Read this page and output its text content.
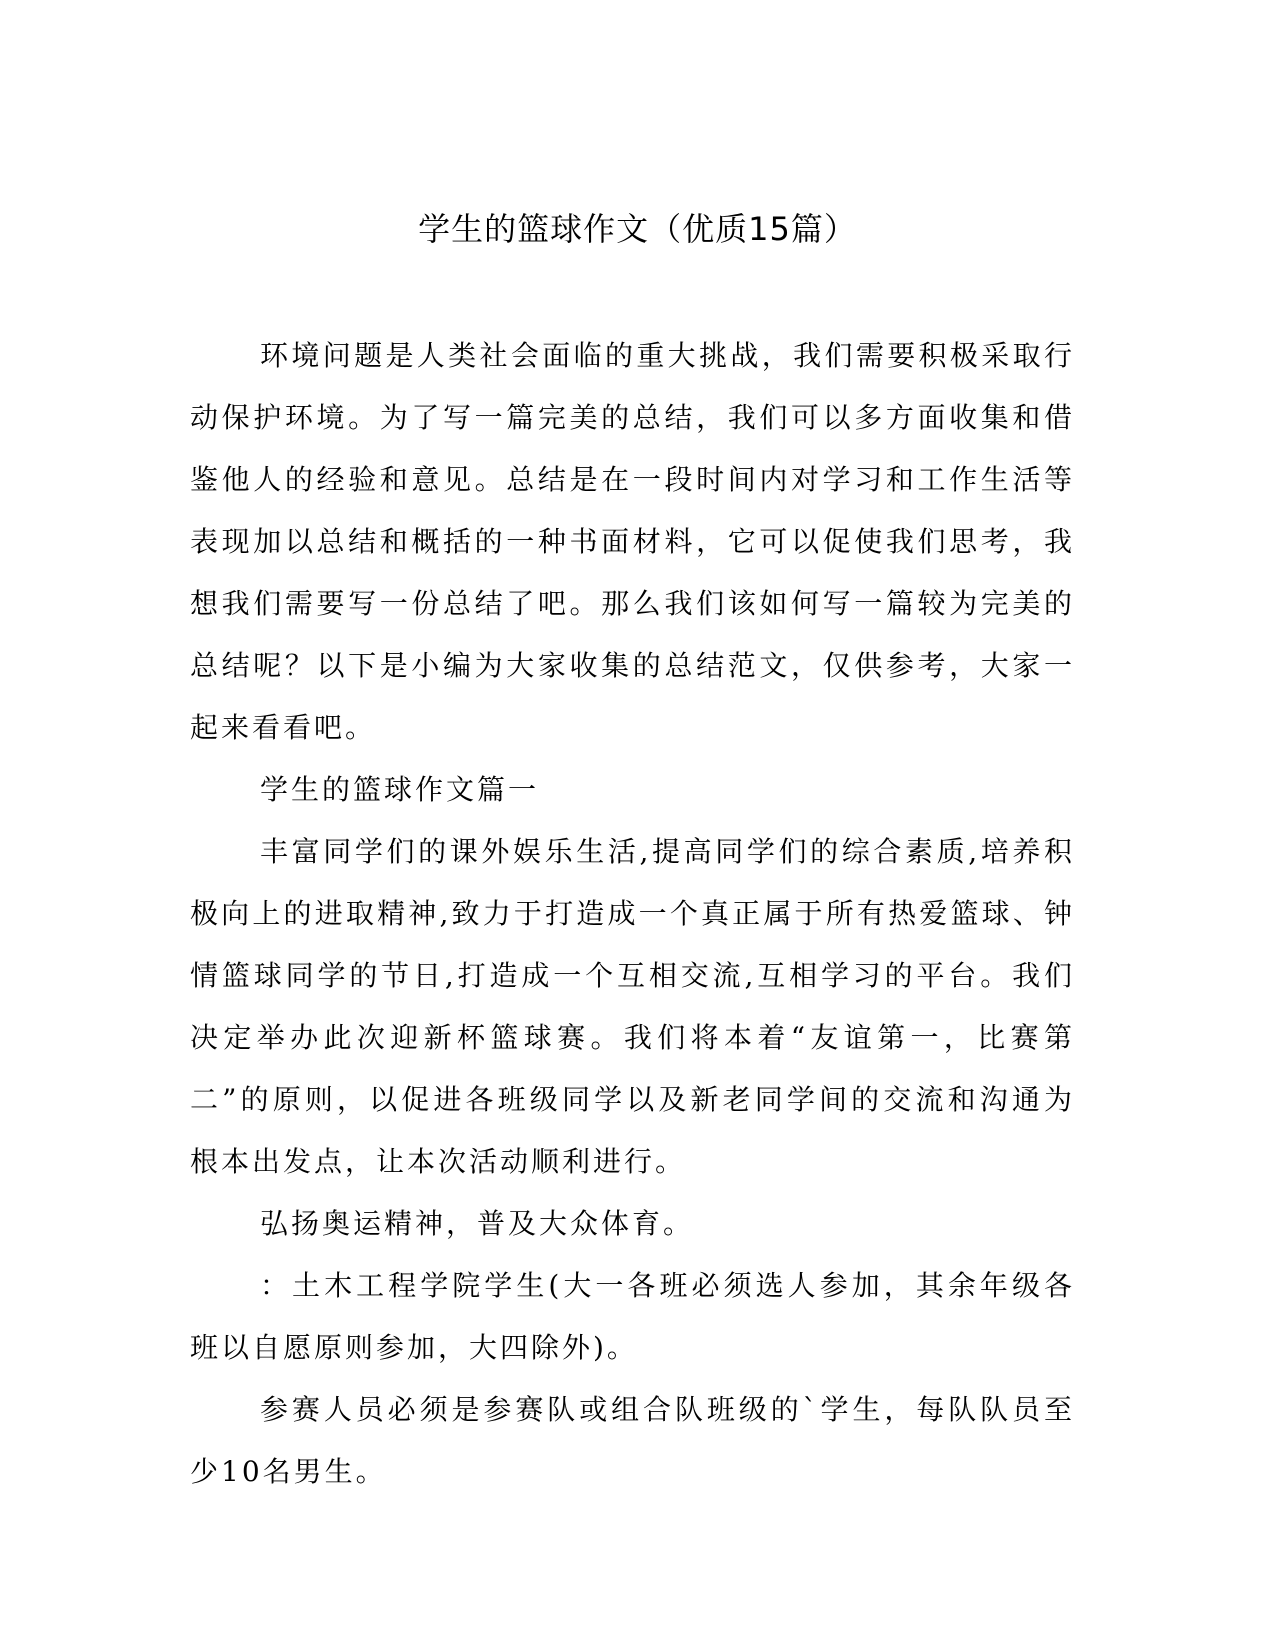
学生的篮球作文（优质15篇）

环境问题是人类社会面临的重大挑战，我们需要积极采取行动保护环境。为了写一篇完美的总结，我们可以多方面收集和借鉴他人的经验和意见。总结是在一段时间内对学习和工作生活等表现加以总结和概括的一种书面材料，它可以促使我们思考，我想我们需要写一份总结了吧。那么我们该如何写一篇较为完美的总结呢？以下是小编为大家收集的总结范文，仅供参考，大家一起来看看吧。

学生的篮球作文篇一

丰富同学们的课外娱乐生活,提高同学们的综合素质,培养积极向上的进取精神,致力于打造成一个真正属于所有热爱篮球、钟情篮球同学的节日,打造成一个互相交流,互相学习的平台。我们决定举办此次迎新杯篮球赛。我们将本着“友谊第一，比赛第二”的原则，以促进各班级同学以及新老同学间的交流和沟通为根本出发点，让本次活动顺利进行。

弘扬奥运精神，普及大众体育。

：土木工程学院学生(大一各班必须选人参加，其余年级各班以自愿原则参加，大四除外)。

参赛人员必须是参赛队或组合队班级的`学生，每队队员至少10名男生。
